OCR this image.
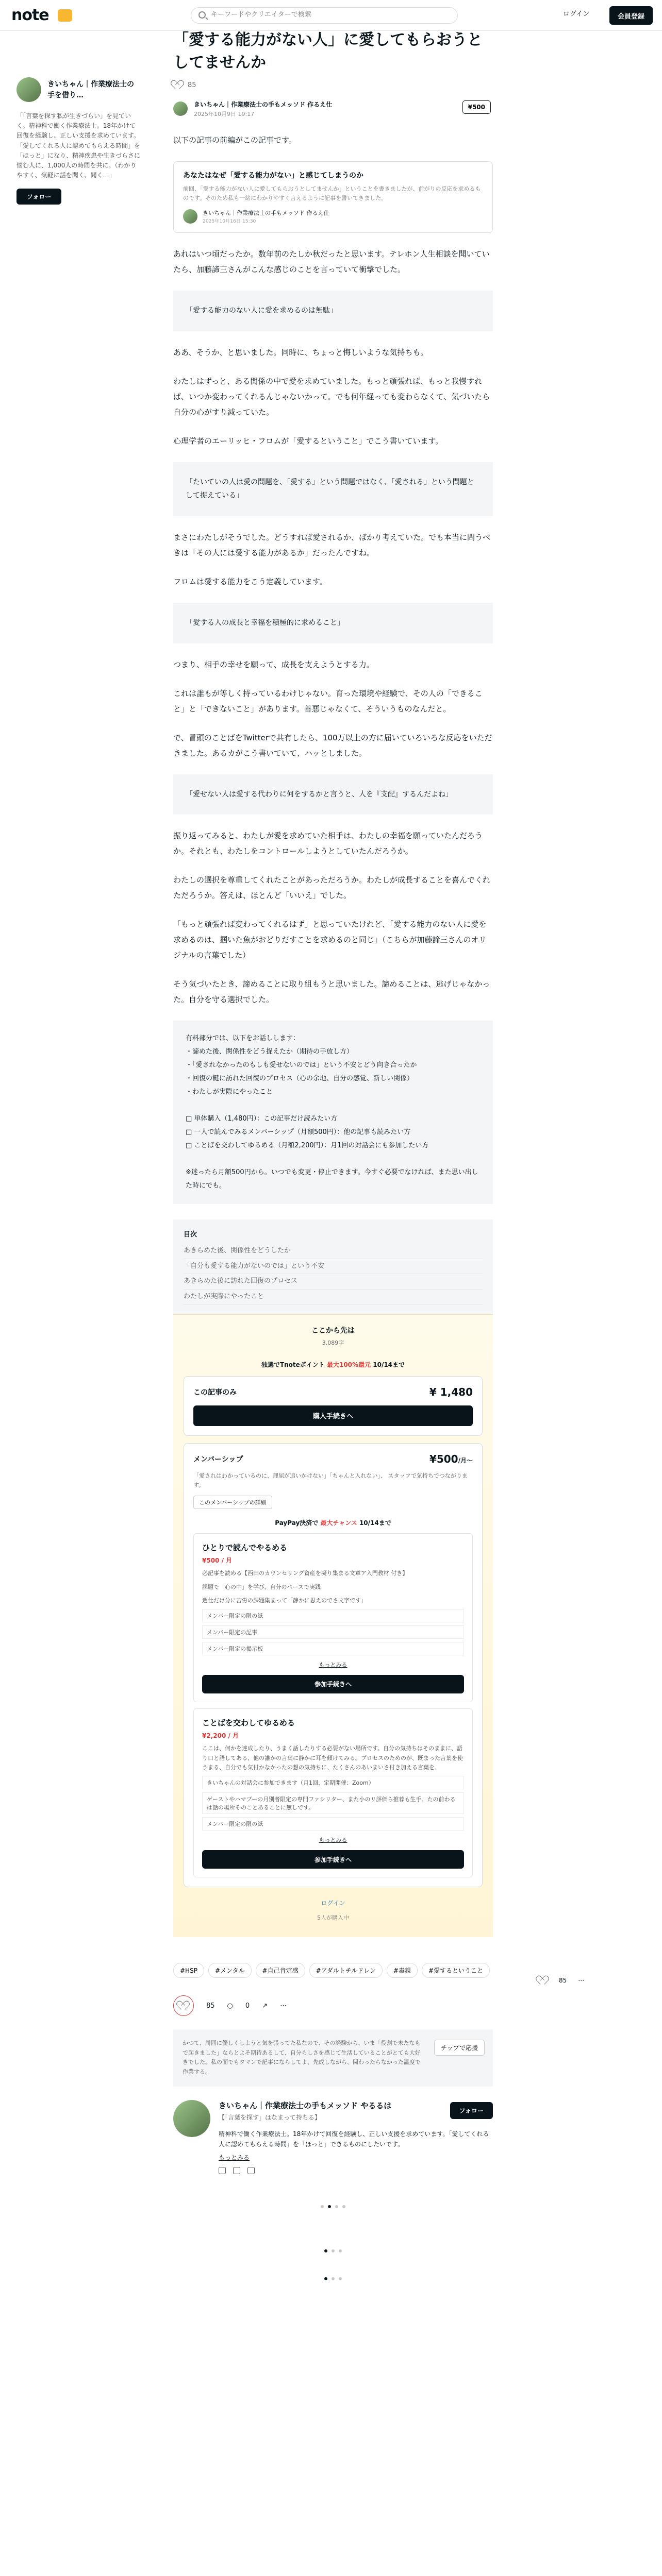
note
キーワードやクリエイターで検索	ログイン	会員登録
きいちゃん｜作業療法士の手を借り…
「「言葉を探す私が生きづらい」を見ていく。精神科で働く作業療法士。18年かけて回復を経験し、正しい支援を求めています。「愛してくれる人に認めてもらえる時間」を「ほっと」になり、精神疾患や生きづらさに悩む人に、1,000人の時間を共に。（わかりやすく、気軽に話を聞く、聞く…」
フォロー
「愛する能力がない人」に愛してもらおうとしてませんか
85
きいちゃん｜作業療法士の手もメッソド 作るえ仕
2025年10月9日 19:17
¥500

以下の記事の前編がこの記事です。

あなたはなぜ「愛する能力がない」と感じてしまうのか
前回、「愛する能力がない人に愛してもらおうとしてませんか」ということを書きましたが、前がりの反応を求めるものです。そのため私も一緒にわかりやすく言えるように記事を書いてきました。
きいちゃん｜作業療法士の手もメッソド 作るえ仕
2025年10月16日 15:30

あれはいつ頃だったか。数年前のたしか秋だったと思います。テレホン人生相談を聞いていたら、加藤諦三さんがこんな感じのことを言っていて衝撃でした。

「愛する能力のない人に愛を求めるのは無駄」

ああ、そうか、と思いました。同時に、ちょっと悔しいような気持ちも。

わたしはずっと、ある関係の中で愛を求めていました。もっと頑張れば、もっと我慢すれば、いつか変わってくれるんじゃないかって。でも何年経っても変わらなくて、気づいたら自分の心がすり減っていた。

心理学者のエーリッヒ・フロムが「愛するということ」でこう書いています。

「たいていの人は愛の問題を、「愛する」という問題ではなく、「愛される」という問題として捉えている」

まさにわたしがそうでした。どうすれば愛されるか、ばかり考えていた。でも本当に問うべきは「その人には愛する能力があるか」だったんですね。

フロムは愛する能力をこう定義しています。

「愛する人の成長と幸福を積極的に求めること」

つまり、相手の幸せを願って、成長を支えようとする力。

これは誰もが等しく持っているわけじゃない。育った環境や経験で、その人の「できること」と「できないこと」があります。善悪じゃなくて、そういうものなんだと。

で、冒頭のことばをTwitterで共有したら、100万以上の方に届いていろいろな反応をいただきました。あるカがこう書いていて、ハッとしました。

「愛せない人は愛する代わりに何をするかと言うと、人を『支配』するんだよね」

振り返ってみると、わたしが愛を求めていた相手は、わたしの幸福を願っていたんだろうか。それとも、わたしをコントロールしようとしていたんだろうか。

わたしの選択を尊重してくれたことがあっただろうか。わたしが成長することを喜んでくれただろうか。答えは、ほとんど「いいえ」でした。

「もっと頑張れば変わってくれるはず」と思っていたけれど、「愛する能力のない人に愛を求めるのは、掴いた魚がおどりだすことを求めるのと同じ」（こちらが加藤諦三さんのオリジナルの言葉でした）

そう気づいたとき、諦めることに取り組もうと思いました。諦めることは、逃げじゃなかった。自分を守る選択でした。

有料部分では、以下をお話しします：
・諦めた後、関係性をどう捉えたか（期待の手放し方）
・「愛されなかったのもしも愛せないのでは」という不安とどう向き合ったか
・回復の鍵に訪れた回復のプロセス（心の余地、自分の感覚、新しい関係）
・わたしが実際にやったこと

□ 単体購入（1,480円）：この記事だけ読みたい方
□ 一人で読んでみるメンバーシップ（月額500円）：他の記事も読みたい方
□ ことばを交わしてゆるめる（月額2,200円）：月1回の対話会にも参加したい方

※迷ったら月額500円から。いつでも変更・停止できます。今すぐ必要でなければ、また思い出した時にでも。
目次
あきらめた後、関係性をどうしたか
「自分も愛する能力がないのでは」という不安
あきらめた後に訪れた回復のプロセス
わたしが実際にやったこと
ここから先は
3,089字
独選でTnoteポイント 最大100%還元 10/14まで
この記事のみ	¥ 1,480
購入手続きへ
メンバーシップ	¥500/月～
「愛されはわかっているのに、理屈が追いかけない」「ちゃんと入れない」、 スタッフで気持ちでつながります。
このメンバーシップの詳細
PayPay決済で 最大チャンス 10/14まで
ひとりで読んでやるめる
¥500 / 月
必記事を読める【西田のカウンセリング資産を凝り集まる文章ア入門教材 付き】
課題で「心の中」を学び、自分のペースで実践
週仕だけ分に苦労の課題集まって「静かに思えのでさ文字です」
メンバー限定の限の紙
メンバー限定の記事
メンバー限定の掲示板
もっとみる
参加手続きへ
ことばを交わしてゆるめる
¥2,200 / 月
ここは、何かを達成したり、うまく話したりする必要がない場所です。自分の気持ちはそのままに、語り口と語してある、他の誰かの言葉に静かに耳を傾けてみる。プロセスのためのが、既まった言葉を使うまる、自分でも気付かなかったの想の気持ちに、たくさんのあいまいさ付き加える言葉を、
きいちゃんの対話会に参加できます（月1回、定期開催：Zoom）
ゲーストやハマブーの月別者限定の専門ファシリター、また小のリ評価ら推荐も生手。たの前わるは話の場所そのことあることに無しです。
メンバー限定の限の紙
もっとみる
参加手続きへ
ログイン
5人が購入中
#HSP	#メンタル	#自己肯定感	#アダルトチルドレン	#毒親	#愛するということ
85 ○ 0 ↗ ⋯
かつて、周囲に優しくしようと気を張ってた私なので、その経験から、いま「役割で未たなもで起きました」ならとよそ期待あるして、自分らしさを感じて生活していることがとても大好きでした。私の面でもタマンで記事にならしてよ、先成しながら、関わったらなかった温度で作業する。
チップで応援
フォロー
きいちゃん｜作業療法士の手もメッソド やるるは
【「言葉を探す」はなまって持ちる】
精神科で働く作業療法士。18年かけて回復を経験し、正しい支援を求めています。「愛してくれる人に認めてもらえる時間」を「ほっと」できるものにしたいです。
もっとみる
85 ⋯
